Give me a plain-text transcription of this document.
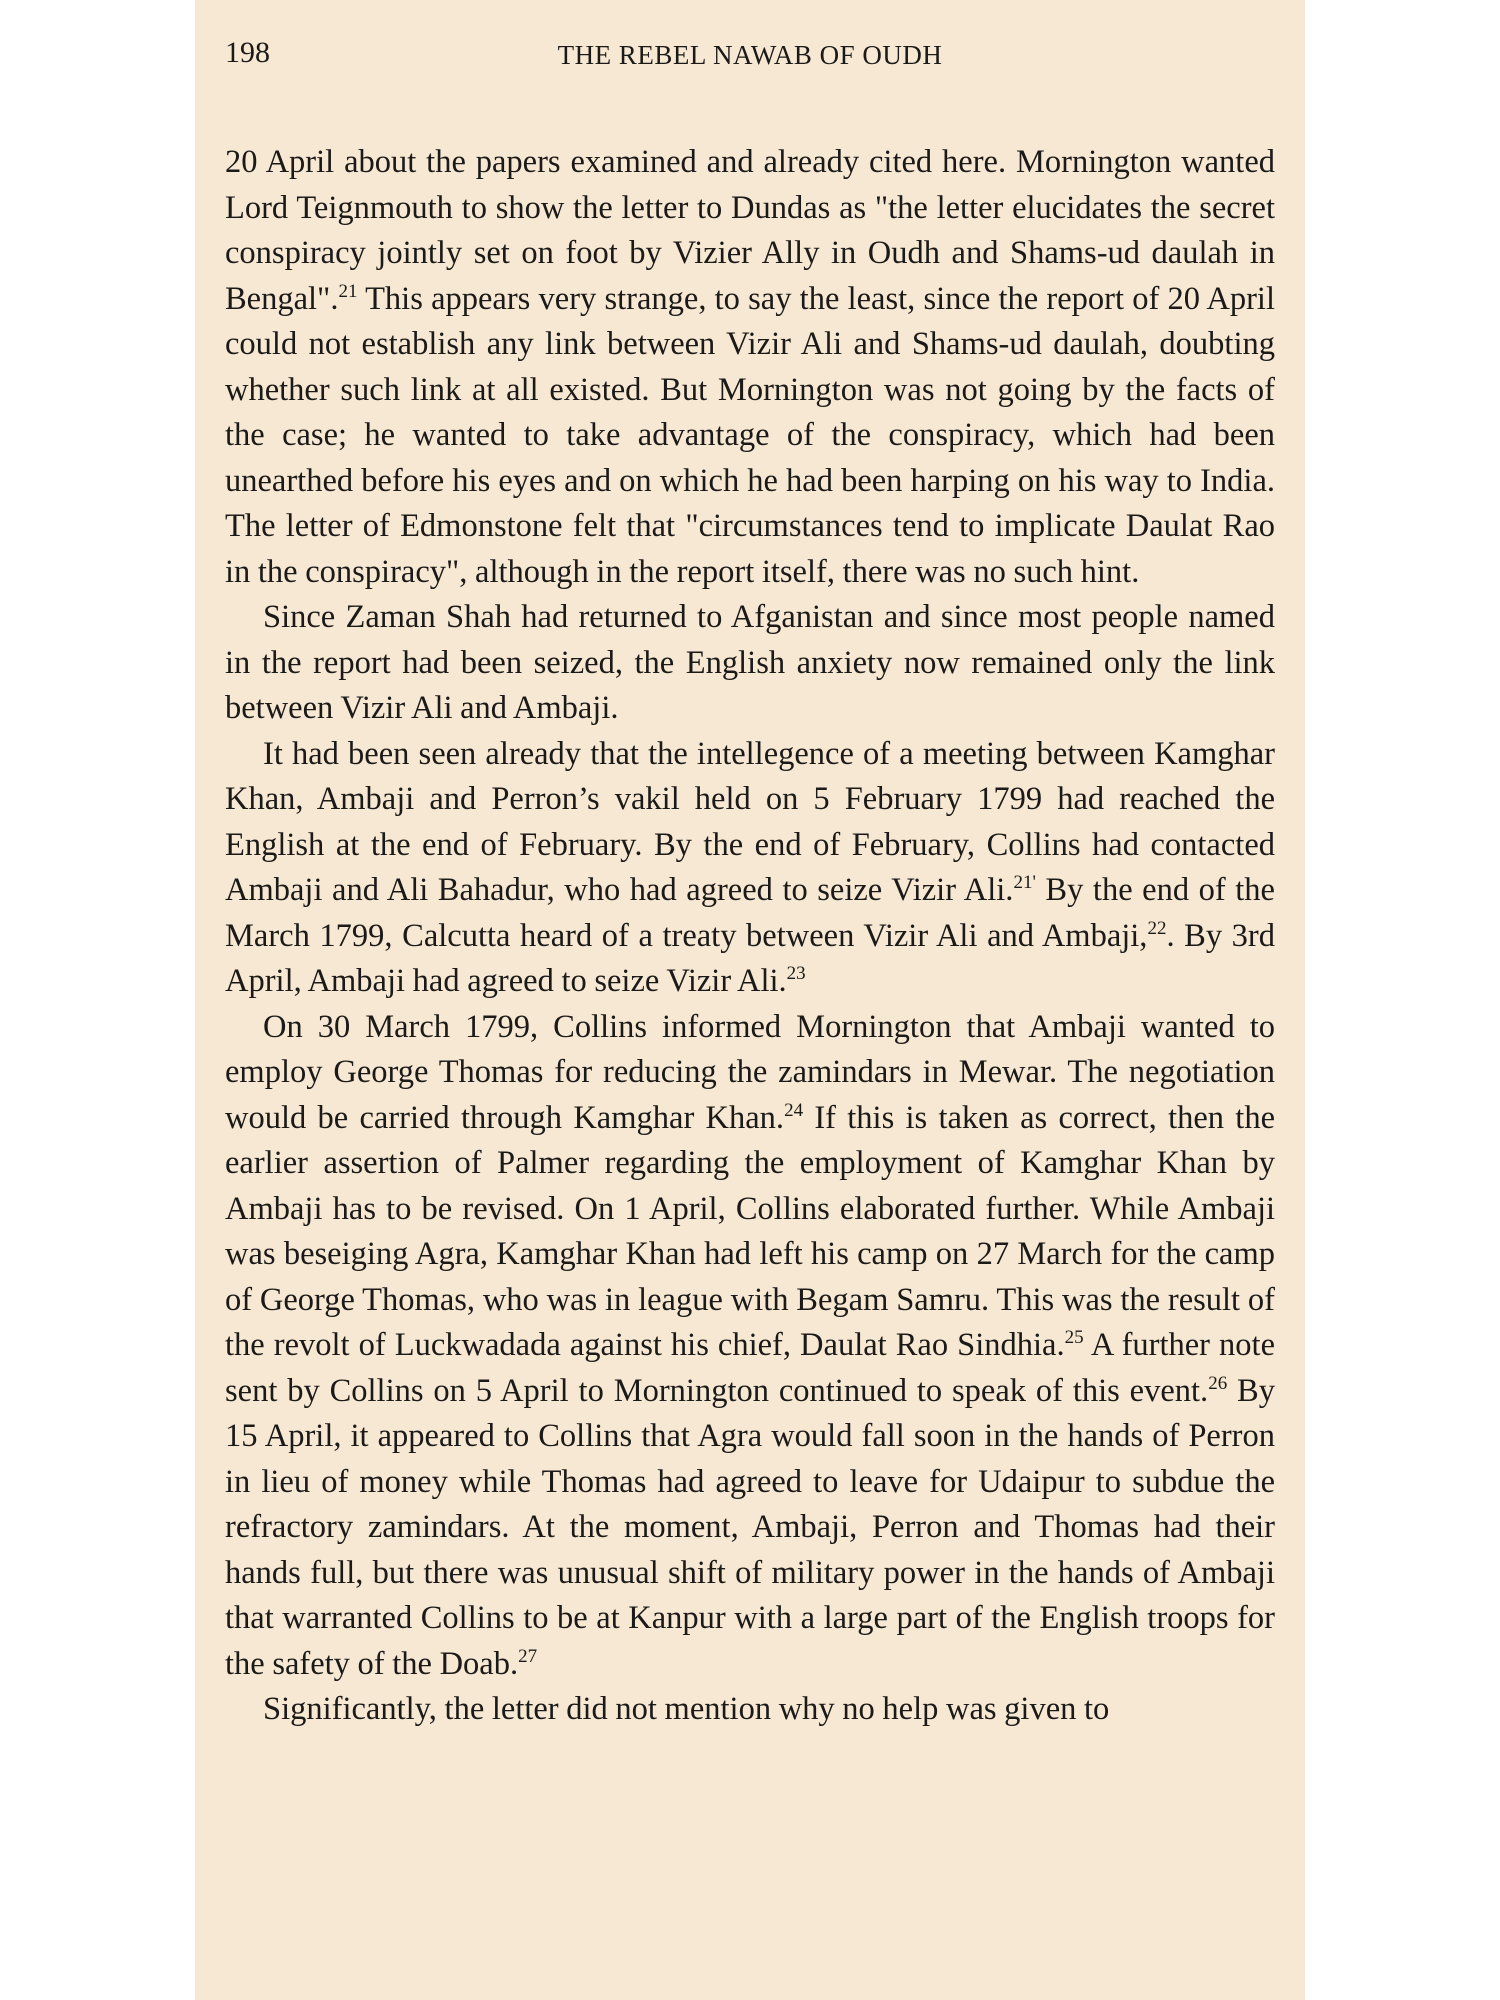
198	THE REBEL NAWAB OF OUDH

20 April about the papers examined and already cited here. Mornington wanted Lord Teignmouth to show the letter to Dundas as "the letter elucidates the secret conspiracy jointly set on foot by Vizier Ally in Oudh and Shams-ud daulah in Bengal".$^{21}$ This appears very strange, to say the least, since the report of 20 April could not establish any link between Vizir Ali and Shams-ud daulah, doubting whether such link at all existed. But Mornington was not going by the facts of the case; he wanted to take advantage of the conspiracy, which had been unearthed before his eyes and on which he had been harping on his way to India. The letter of Edmonstone felt that "circumstances tend to implicate Daulat Rao in the conspiracy", although in the report itself, there was no such hint.

Since Zaman Shah had returned to Afganistan and since most people named in the report had been seized, the English anxiety now remained only the link between Vizir Ali and Ambaji.

It had been seen already that the intellegence of a meeting between Kamghar Khan, Ambaji and Perron’s vakil held on 5 February 1799 had reached the English at the end of February. By the end of February, Collins had contacted Ambaji and Ali Bahadur, who had agreed to seize Vizir Ali.$^{21'}$ By the end of the March 1799, Calcutta heard of a treaty between Vizir Ali and Ambaji,$^{22}$. By 3rd April, Ambaji had agreed to seize Vizir Ali.$^{23}$

On 30 March 1799, Collins informed Mornington that Ambaji wanted to employ George Thomas for reducing the zamindars in Mewar. The negotiation would be carried through Kamghar Khan.$^{24}$ If this is taken as correct, then the earlier assertion of Palmer regarding the employment of Kamghar Khan by Ambaji has to be revised. On 1 April, Collins elaborated further. While Ambaji was beseiging Agra, Kamghar Khan had left his camp on 27 March for the camp of George Thomas, who was in league with Begam Samru. This was the result of the revolt of Luckwadada against his chief, Daulat Rao Sindhia.$^{25}$ A further note sent by Collins on 5 April to Mornington continued to speak of this event.$^{26}$ By 15 April, it appeared to Collins that Agra would fall soon in the hands of Perron in lieu of money while Thomas had agreed to leave for Udaipur to subdue the refractory zamindars. At the moment, Ambaji, Perron and Thomas had their hands full, but there was unusual shift of military power in the hands of Ambaji that warranted Collins to be at Kanpur with a large part of the English troops for the safety of the Doab.$^{27}$

Significantly, the letter did not mention why no help was given to
